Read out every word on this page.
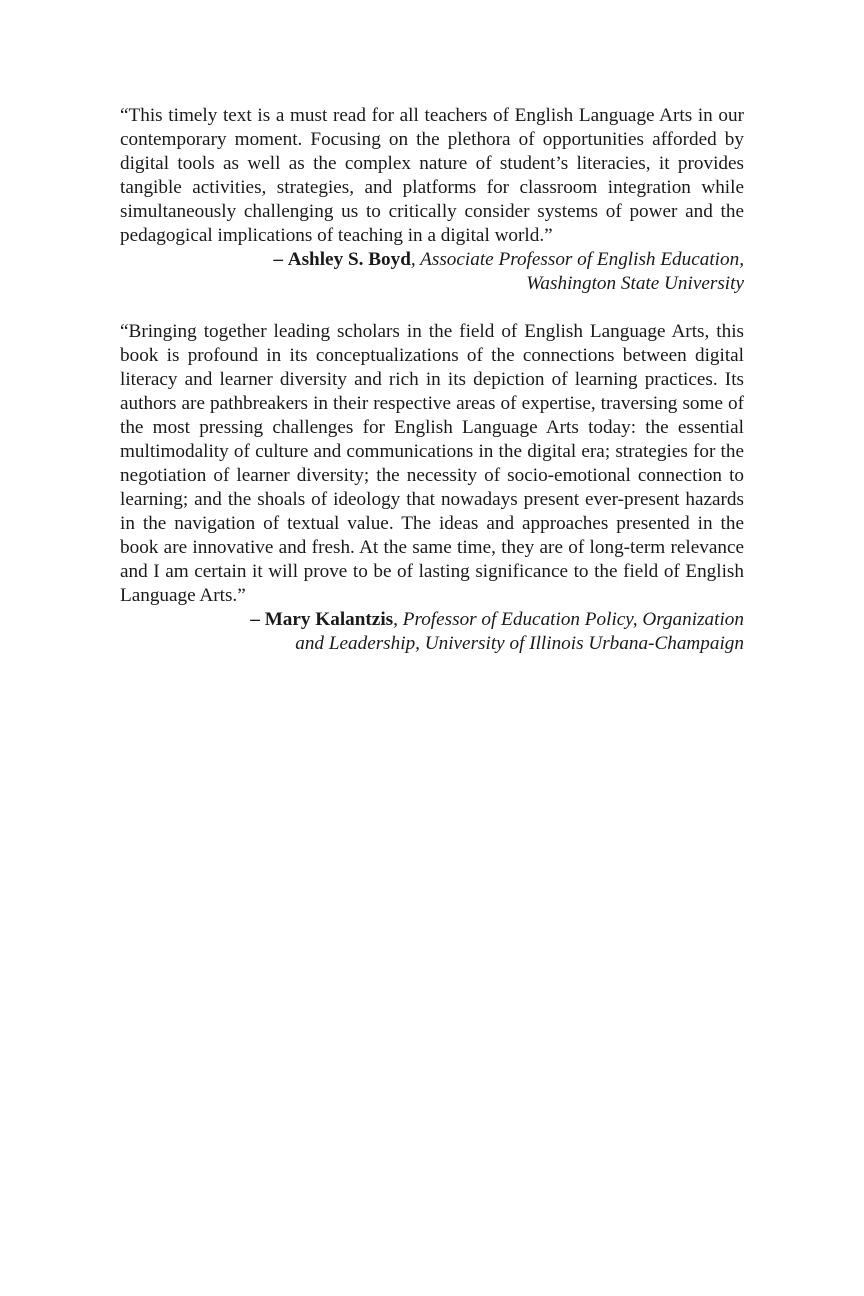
“This timely text is a must read for all teachers of English Language Arts in our contemporary moment. Focusing on the plethora of opportunities afforded by digital tools as well as the complex nature of student’s literacies, it provides tangible activities, strategies, and platforms for classroom integration while simultaneously challenging us to critically consider systems of power and the pedagogical implications of teaching in a digital world.”

– Ashley S. Boyd, Associate Professor of English Education,
Washington State University

“Bringing together leading scholars in the field of English Language Arts, this book is profound in its conceptualizations of the connections between digital literacy and learner diversity and rich in its depiction of learning practices. Its authors are pathbreakers in their respective areas of expertise, traversing some of the most pressing challenges for English Language Arts today: the essential multimodality of culture and communications in the digital era; strategies for the negotiation of learner diversity; the necessity of socio-emotional connection to learning; and the shoals of ideology that nowadays present ever-present hazards in the navigation of textual value. The ideas and approaches presented in the book are innovative and fresh. At the same time, they are of long-term relevance and I am certain it will prove to be of lasting significance to the field of English Language Arts.”

– Mary Kalantzis, Professor of Education Policy, Organization
and Leadership, University of Illinois Urbana-Champaign
